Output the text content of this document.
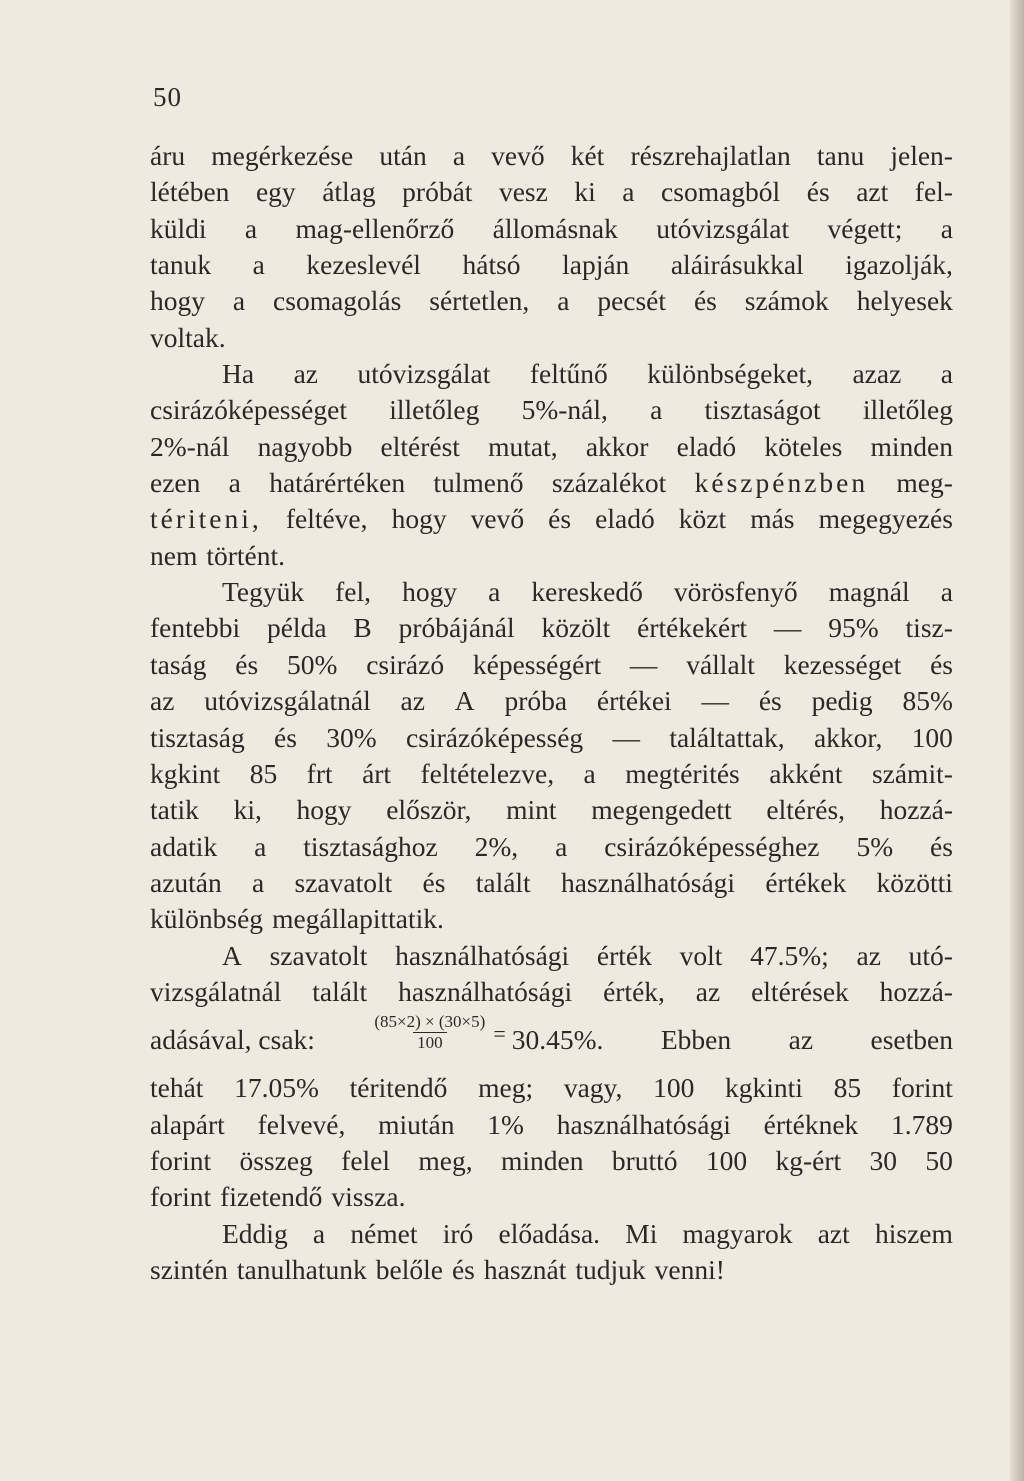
50
áru megérkezése után a vevő két részrehajlatlan tanu jelen-
létében egy átlag próbát vesz ki a csomagból és azt fel-
küldi a mag-ellenőrző állomásnak utóvizsgálat végett; a
tanuk a kezeslevél hátsó lapján aláirásukkal igazolják,
hogy a csomagolás sértetlen, a pecsét és számok helyesek
voltak.
Ha az utóvizsgálat feltűnő különbségeket, azaz a
csirázóképességet illetőleg 5%-nál, a tisztaságot illetőleg
2%-nál nagyobb eltérést mutat, akkor eladó köteles minden
ezen a határértéken tulmenő százalékot készpénzben meg-
tériteni, feltéve, hogy vevő és eladó közt más megegyezés
nem történt.
Tegyük fel, hogy a kereskedő vörösfenyő magnál a
fentebbi példa B próbájánál közölt értékekért — 95% tisz-
taság és 50% csirázó képességért — vállalt kezességet és
az utóvizsgálatnál az A próba értékei — és pedig 85%
tisztaság és 30% csirázóképesség — találtattak, akkor, 100
kgkint 85 frt árt feltételezve, a megtérités akként számit-
tatik ki, hogy először, mint megengedett eltérés, hozzá-
adatik a tisztasághoz 2%, a csirázóképességhez 5% és
azután a szavatolt és talált használhatósági értékek közötti
különbség megállapittatik.
A szavatolt használhatósági érték volt 47.5%; az utó-
vizsgálatnál talált használhatósági érték, az eltérések hozzá-
adásával, csak:	$\frac{(85\times 2) \times (30\times 5)}{100} = 30.45\%$. Ebben az esetben
tehát 17.05% téritendő meg; vagy, 100 kgkinti 85 forint
alapárt felvevé, miután 1% használhatósági értéknek 1.789
forint összeg felel meg, minden bruttó 100 kg-ért 30 50
forint fizetendő vissza.
Eddig a német iró előadása. Mi magyarok azt hiszem
szintén tanulhatunk belőle és hasznát tudjuk venni!
